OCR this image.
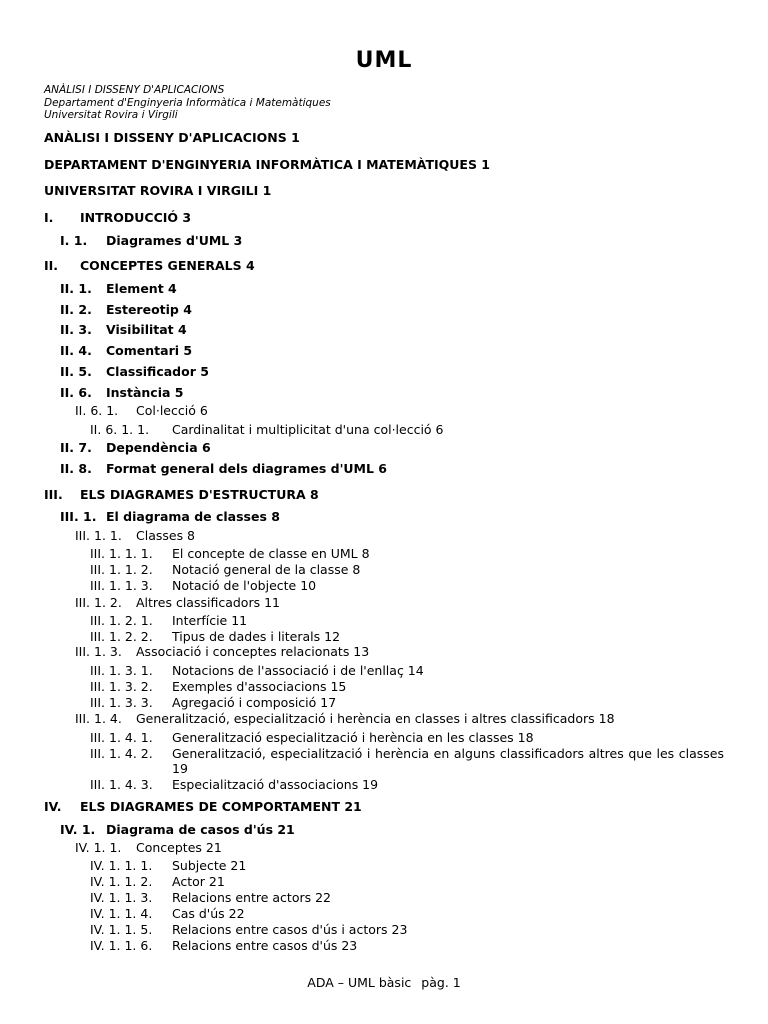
UML
ANÀLISI I DISSENY D'APLICACIONS
Departament d'Enginyeria Informàtica i Matemàtiques
Universitat Rovira i Virgili
ANÀLISI I DISSENY D'APLICACIONS 1
DEPARTAMENT D'ENGINYERIA INFORMÀTICA I MATEMÀTIQUES 1
UNIVERSITAT ROVIRA I VIRGILI 1
I. INTRODUCCIÓ 3
I. 1. Diagrames d'UML 3
II. CONCEPTES GENERALS 4
II. 1. Element 4
II. 2. Estereotip 4
II. 3. Visibilitat 4
II. 4. Comentari 5
II. 5. Classificador 5
II. 6. Instància 5
II. 6. 1. Col·lecció 6
II. 6. 1. 1. Cardinalitat i multiplicitat d'una col·lecció 6
II. 7. Dependència 6
II. 8. Format general dels diagrames d'UML 6
III. ELS DIAGRAMES D'ESTRUCTURA 8
III. 1. El diagrama de classes 8
III. 1. 1. Classes 8
III. 1. 1. 1. El concepte de classe en UML 8
III. 1. 1. 2. Notació general de la classe 8
III. 1. 1. 3. Notació de l'objecte 10
III. 1. 2. Altres classificadors 11
III. 1. 2. 1. Interfície 11
III. 1. 2. 2. Tipus de dades i literals 12
III. 1. 3. Associació i conceptes relacionats 13
III. 1. 3. 1. Notacions de l'associació i de l'enllaç 14
III. 1. 3. 2. Exemples d'associacions 15
III. 1. 3. 3. Agregació i composició 17
III. 1. 4. Generalització, especialització i herència en classes i altres classificadors 18
III. 1. 4. 1. Generalització especialització i herència en les classes 18
III. 1. 4. 2. Generalització, especialització i herència en alguns classificadors altres que les classes 19
III. 1. 4. 3. Especialització d'associacions 19
IV. ELS DIAGRAMES DE COMPORTAMENT 21
IV. 1. Diagrama de casos d'ús 21
IV. 1. 1. Conceptes 21
IV. 1. 1. 1. Subjecte 21
IV. 1. 1. 2. Actor 21
IV. 1. 1. 3. Relacions entre actors 22
IV. 1. 1. 4. Cas d'ús 22
IV. 1. 1. 5. Relacions entre casos d'ús i actors 23
IV. 1. 1. 6. Relacions entre casos d'ús 23
ADA – UML bàsic pàg. 1
